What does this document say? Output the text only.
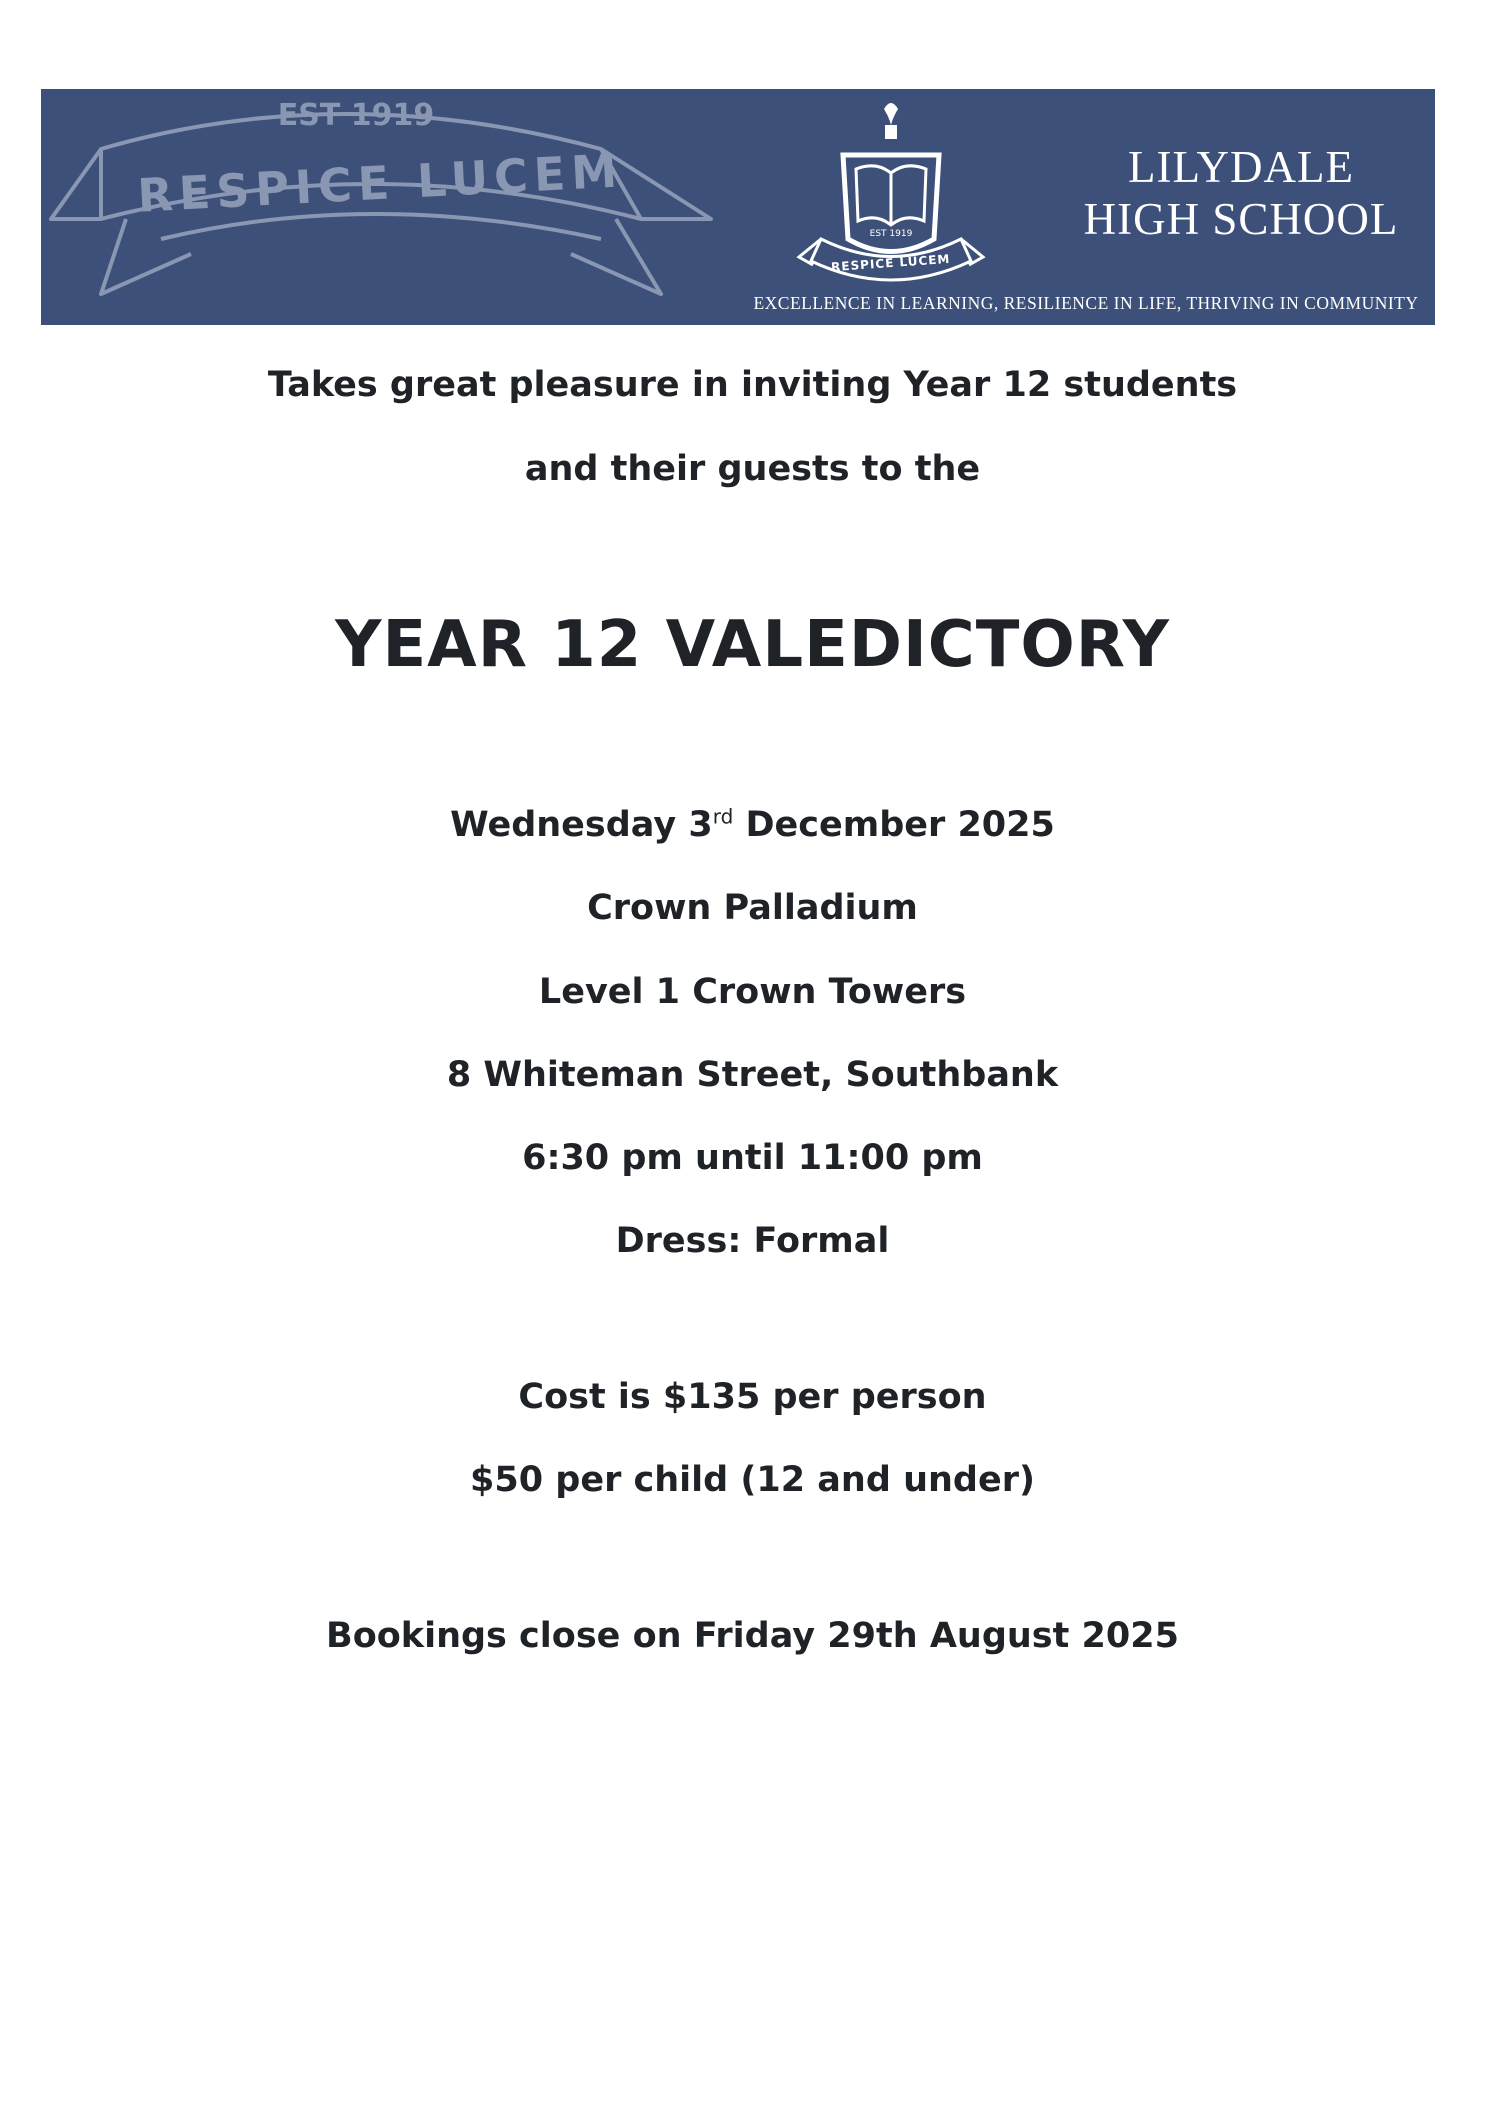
EST 1919
RESPICE LUCEM
EST 1919
RESPICE LUCEM
LILYDALE
HIGH SCHOOL
EXCELLENCE IN LEARNING, RESILIENCE IN LIFE, THRIVING IN COMMUNITY
Takes great pleasure in inviting Year 12 students
and their guests to the
YEAR 12 VALEDICTORY
Wednesday 3rd December 2025
Crown Palladium
Level 1 Crown Towers
8 Whiteman Street, Southbank
6:30 pm until 11:00 pm
Dress: Formal
Cost is $135 per person
$50 per child (12 and under)
Bookings close on Friday 29th August 2025
